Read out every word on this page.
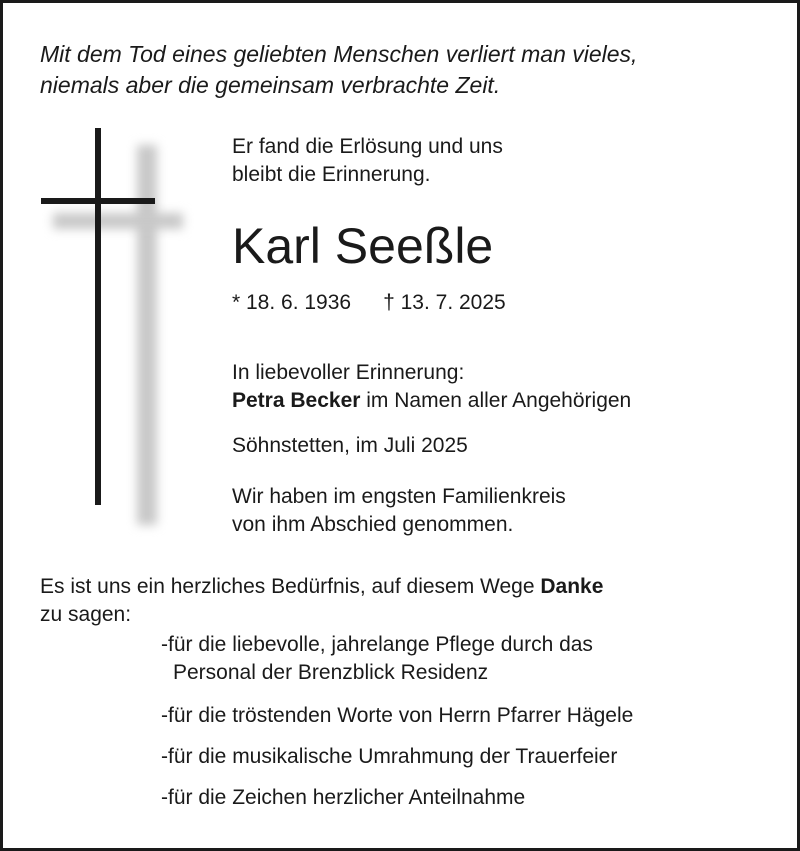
Mit dem Tod eines geliebten Menschen verliert man vieles,
niemals aber die gemeinsam verbrachte Zeit.
Er fand die Erlösung und uns
bleibt die Erinnerung.
Karl Seeßle
* 18. 6. 1936 † 13. 7. 2025
In liebevoller Erinnerung:
Petra Becker im Namen aller Angehörigen
Söhnstetten, im Juli 2025
Wir haben im engsten Familienkreis
von ihm Abschied genommen.
Es ist uns ein herzliches Bedürfnis, auf diesem Wege Danke
zu sagen:
-für die liebevolle, jahrelange Pflege durch das
Personal der Brenzblick Residenz
-für die tröstenden Worte von Herrn Pfarrer Hägele
-für die musikalische Umrahmung der Trauerfeier
-für die Zeichen herzlicher Anteilnahme
